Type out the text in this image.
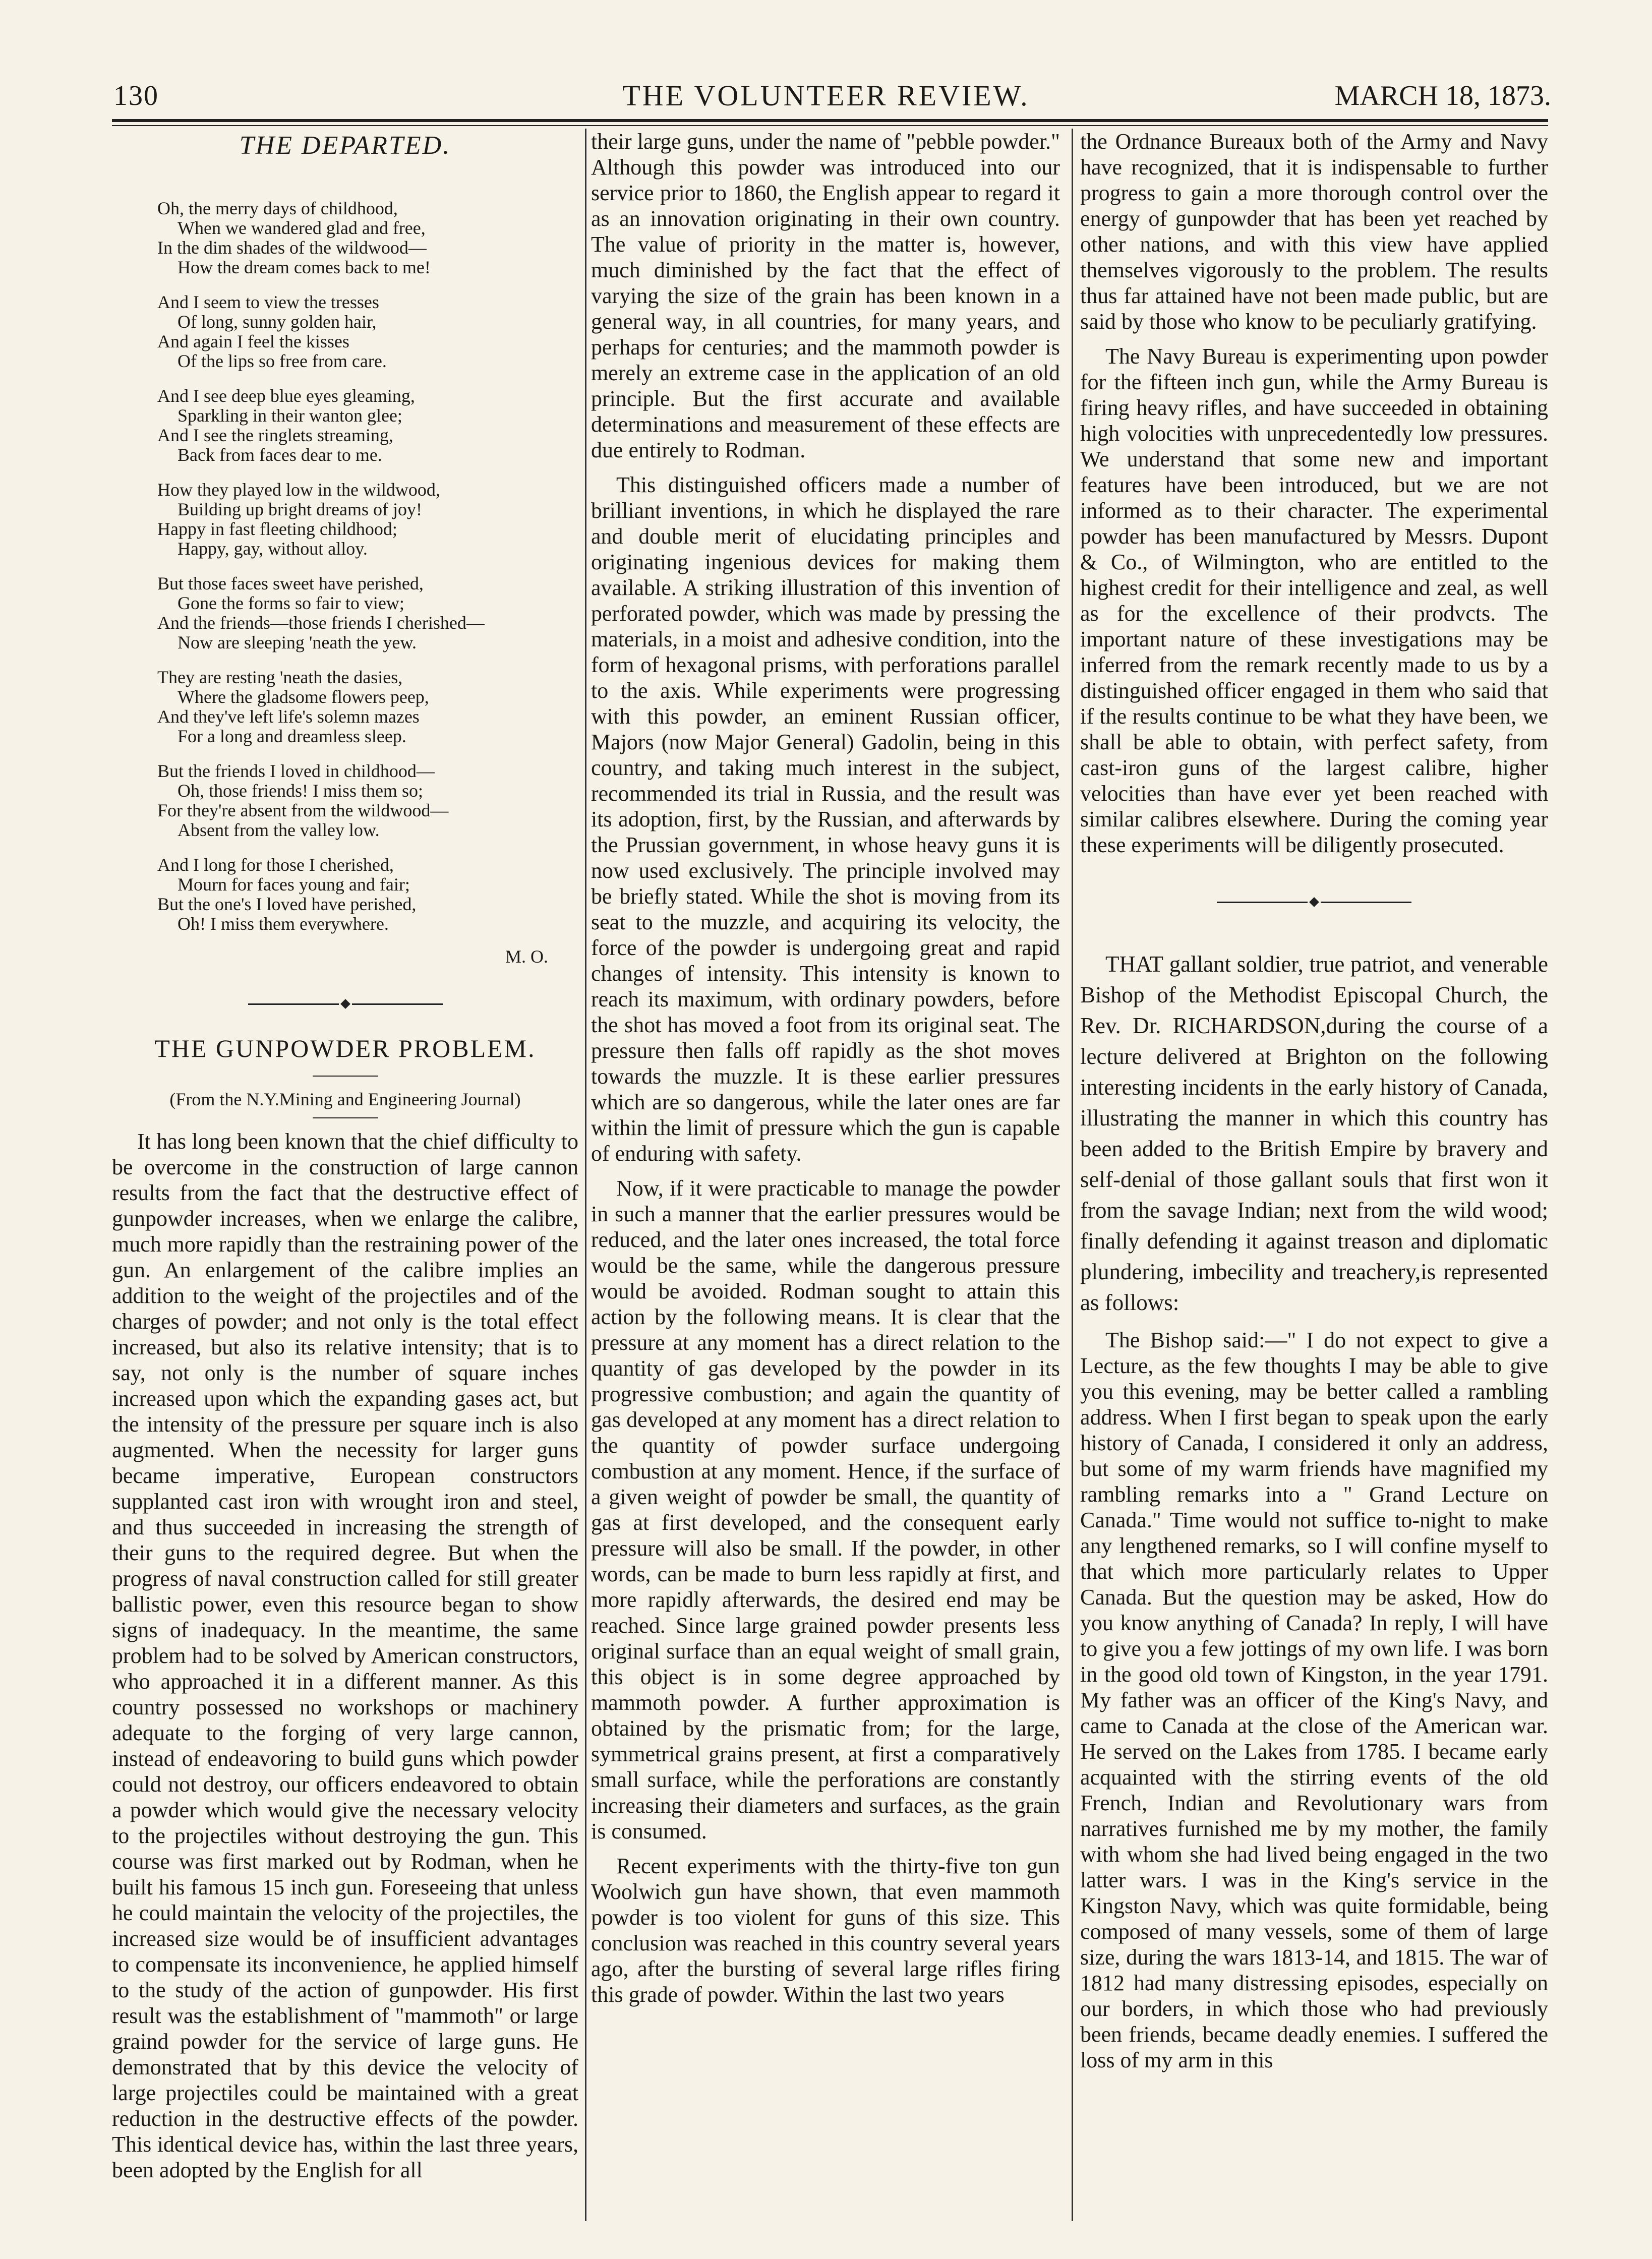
130	THE VOLUNTEER REVIEW.	MARCH 18, 1873.
THE DEPARTED.
Oh, the merry days of childhood,
When we wandered glad and free,
In the dim shades of the wildwood—
How the dream comes back to me!
And I seem to view the tresses
Of long, sunny golden hair,
And again I feel the kisses
Of the lips so free from care.
And I see deep blue eyes gleaming,
Sparkling in their wanton glee;
And I see the ringlets streaming,
Back from faces dear to me.
How they played low in the wildwood,
Building up bright dreams of joy!
Happy in fast fleeting childhood;
Happy, gay, without alloy.
But those faces sweet have perished,
Gone the forms so fair to view;
And the friends—those friends I cherished—
Now are sleeping 'neath the yew.
They are resting 'neath the dasies,
Where the gladsome flowers peep,
And they've left life's solemn mazes
For a long and dreamless sleep.
But the friends I loved in childhood—
Oh, those friends! I miss them so;
For they're absent from the wildwood—
Absent from the valley low.
And I long for those I cherished,
Mourn for faces young and fair;
But the one's I loved have perished,
Oh! I miss them everywhere.
M. O.
THE GUNPOWDER PROBLEM.
(From the N.Y.Mining and Engineering Journal)

It has long been known that the chief difficulty to be overcome in the construction of large cannon results from the fact that the destructive effect of gunpowder increases, when we enlarge the calibre, much more rapidly than the restraining power of the gun. An enlargement of the calibre implies an addition to the weight of the projectiles and of the charges of powder; and not only is the total effect increased, but also its relative intensity; that is to say, not only is the number of square inches increased upon which the expanding gases act, but the intensity of the pressure per square inch is also augmented. When the necessity for larger guns became imperative, European constructors supplanted cast iron with wrought iron and steel, and thus succeeded in increasing the strength of their guns to the required degree. But when the progress of naval construction called for still greater ballistic power, even this resource began to show signs of inadequacy. In the meantime, the same problem had to be solved by American constructors, who approached it in a different manner. As this country possessed no workshops or machinery adequate to the forging of very large cannon, instead of endeavoring to build guns which powder could not destroy, our officers endeavored to obtain a powder which would give the necessary velocity to the projectiles without destroying the gun. This course was first marked out by Rodman, when he built his famous 15 inch gun. Foreseeing that unless he could maintain the velocity of the projectiles, the increased size would be of insufficient advantages to compensate its inconvenience, he applied himself to the study of the action of gunpowder. His first result was the establishment of "mammoth" or large graind powder for the service of large guns. He demonstrated that by this device the velocity of large projectiles could be maintained with a great reduction in the destructive effects of the powder. This identical device has, within the last three years, been adopted by the English for all

their large guns, under the name of "pebble powder." Although this powder was introduced into our service prior to 1860, the English appear to regard it as an innovation originating in their own country. The value of priority in the matter is, however, much diminished by the fact that the effect of varying the size of the grain has been known in a general way, in all countries, for many years, and perhaps for centuries; and the mammoth powder is merely an extreme case in the application of an old principle. But the first accurate and available determinations and measurement of these effects are due entirely to Rodman.

This distinguished officers made a number of brilliant inventions, in which he displayed the rare and double merit of elucidating principles and originating ingenious devices for making them available. A striking illustration of this invention of perforated powder, which was made by pressing the materials, in a moist and adhesive condition, into the form of hexagonal prisms, with perforations parallel to the axis. While experiments were progressing with this powder, an eminent Russian officer, Majors (now Major General) Gadolin, being in this country, and taking much interest in the subject, recommended its trial in Russia, and the result was its adoption, first, by the Russian, and afterwards by the Prussian government, in whose heavy guns it is now used exclusively. The principle involved may be briefly stated. While the shot is moving from its seat to the muzzle, and acquiring its velocity, the force of the powder is undergoing great and rapid changes of intensity. This intensity is known to reach its maximum, with ordinary powders, before the shot has moved a foot from its original seat. The pressure then falls off rapidly as the shot moves towards the muzzle. It is these earlier pressures which are so dangerous, while the later ones are far within the limit of pressure which the gun is capable of enduring with safety.

Now, if it were practicable to manage the powder in such a manner that the earlier pressures would be reduced, and the later ones increased, the total force would be the same, while the dangerous pressure would be avoided. Rodman sought to attain this action by the following means. It is clear that the pressure at any moment has a direct relation to the quantity of gas developed by the powder in its progressive combustion; and again the quantity of gas developed at any moment has a direct relation to the quantity of powder surface undergoing combustion at any moment. Hence, if the surface of a given weight of powder be small, the quantity of gas at first developed, and the consequent early pressure will also be small. If the powder, in other words, can be made to burn less rapidly at first, and more rapidly afterwards, the desired end may be reached. Since large grained powder presents less original surface than an equal weight of small grain, this object is in some degree approached by mammoth powder. A further approximation is obtained by the prismatic from; for the large, symmetrical grains present, at first a comparatively small surface, while the perforations are constantly increasing their diameters and surfaces, as the grain is consumed.

Recent experiments with the thirty-five ton gun Woolwich gun have shown, that even mammoth powder is too violent for guns of this size. This conclusion was reached in this country several years ago, after the bursting of several large rifles firing this grade of powder. Within the last two years

the Ordnance Bureaux both of the Army and Navy have recognized, that it is indispensable to further progress to gain a more thorough control over the energy of gunpowder that has been yet reached by other nations, and with this view have applied themselves vigorously to the problem. The results thus far attained have not been made public, but are said by those who know to be peculiarly gratifying.

The Navy Bureau is experimenting upon powder for the fifteen inch gun, while the Army Bureau is firing heavy rifles, and have succeeded in obtaining high volocities with unprecedentedly low pressures. We understand that some new and important features have been introduced, but we are not informed as to their character. The experimental powder has been manufactured by Messrs. Dupont & Co., of Wilmington, who are entitled to the highest credit for their intelligence and zeal, as well as for the excellence of their prodvcts. The important nature of these investigations may be inferred from the remark recently made to us by a distinguished officer engaged in them who said that if the results continue to be what they have been, we shall be able to obtain, with perfect safety, from cast-iron guns of the largest calibre, higher velocities than have ever yet been reached with similar calibres elsewhere. During the coming year these experiments will be diligently prosecuted.

THAT gallant soldier, true patriot, and venerable Bishop of the Methodist Episcopal Church, the Rev. Dr. RICHARDSON,during the course of a lecture delivered at Brighton on the following interesting incidents in the early history of Canada, illustrating the manner in which this country has been added to the British Empire by bravery and self-denial of those gallant souls that first won it from the savage Indian; next from the wild wood; finally defending it against treason and diplomatic plundering, imbecility and treachery,is represented as follows:

The Bishop said:—" I do not expect to give a Lecture, as the few thoughts I may be able to give you this evening, may be better called a rambling address. When I first began to speak upon the early history of Canada, I considered it only an address, but some of my warm friends have magnified my rambling remarks into a " Grand Lecture on Canada." Time would not suffice to-night to make any lengthened remarks, so I will confine myself to that which more particularly relates to Upper Canada. But the question may be asked, How do you know anything of Canada? In reply, I will have to give you a few jottings of my own life. I was born in the good old town of Kingston, in the year 1791. My father was an officer of the King's Navy, and came to Canada at the close of the American war. He served on the Lakes from 1785. I became early acquainted with the stirring events of the old French, Indian and Revolutionary wars from narratives furnished me by my mother, the family with whom she had lived being engaged in the two latter wars. I was in the King's service in the Kingston Navy, which was quite formidable, being composed of many vessels, some of them of large size, during the wars 1813-14, and 1815. The war of 1812 had many distressing episodes, especially on our borders, in which those who had previously been friends, became deadly enemies. I suffered the loss of my arm in this
